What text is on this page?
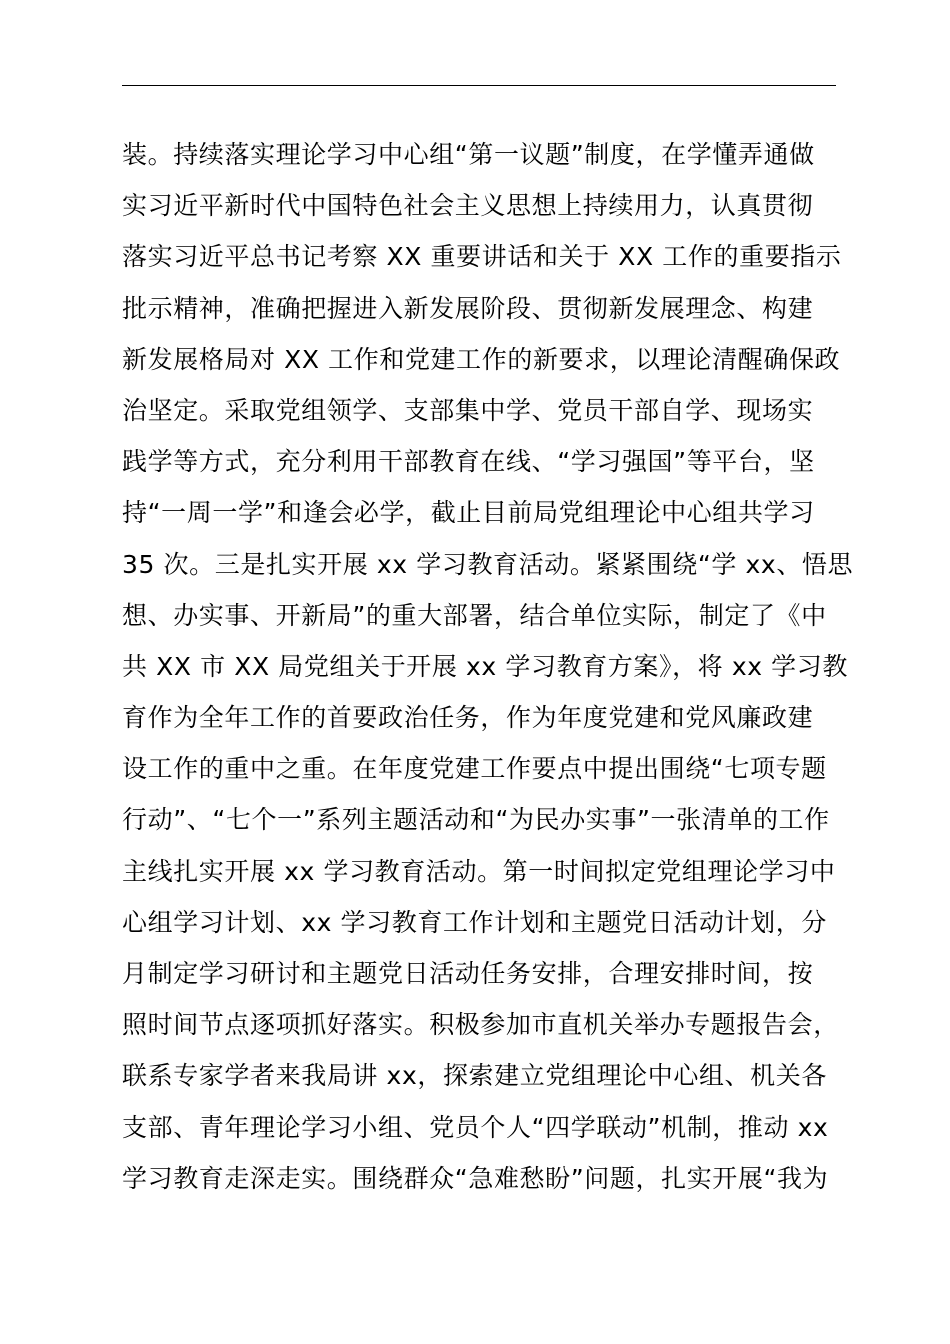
装。持续落实理论学习中心组“第一议题”制度，在学懂弄通做
实习近平新时代中国特色社会主义思想上持续用力，认真贯彻
落实习近平总书记考察 XX 重要讲话和关于 XX 工作的重要指示
批示精神，准确把握进入新发展阶段、贯彻新发展理念、构建
新发展格局对 XX 工作和党建工作的新要求，以理论清醒确保政
治坚定。采取党组领学、支部集中学、党员干部自学、现场实
践学等方式，充分利用干部教育在线、“学习强国”等平台，坚
持“一周一学”和逢会必学，截止目前局党组理论中心组共学习
35 次。三是扎实开展 xx 学习教育活动。紧紧围绕“学 xx、悟思
想、办实事、开新局”的重大部署，结合单位实际，制定了《中
共 XX 市 XX 局党组关于开展 xx 学习教育方案》，将 xx 学习教
育作为全年工作的首要政治任务，作为年度党建和党风廉政建
设工作的重中之重。在年度党建工作要点中提出围绕“七项专题
行动”、“七个一”系列主题活动和“为民办实事”一张清单的工作
主线扎实开展 xx 学习教育活动。第一时间拟定党组理论学习中
心组学习计划、xx 学习教育工作计划和主题党日活动计划，分
月制定学习研讨和主题党日活动任务安排，合理安排时间，按
照时间节点逐项抓好落实。积极参加市直机关举办专题报告会，
联系专家学者来我局讲 xx，探索建立党组理论中心组、机关各
支部、青年理论学习小组、党员个人“四学联动”机制，推动 xx
学习教育走深走实。围绕群众“急难愁盼”问题，扎实开展“我为
